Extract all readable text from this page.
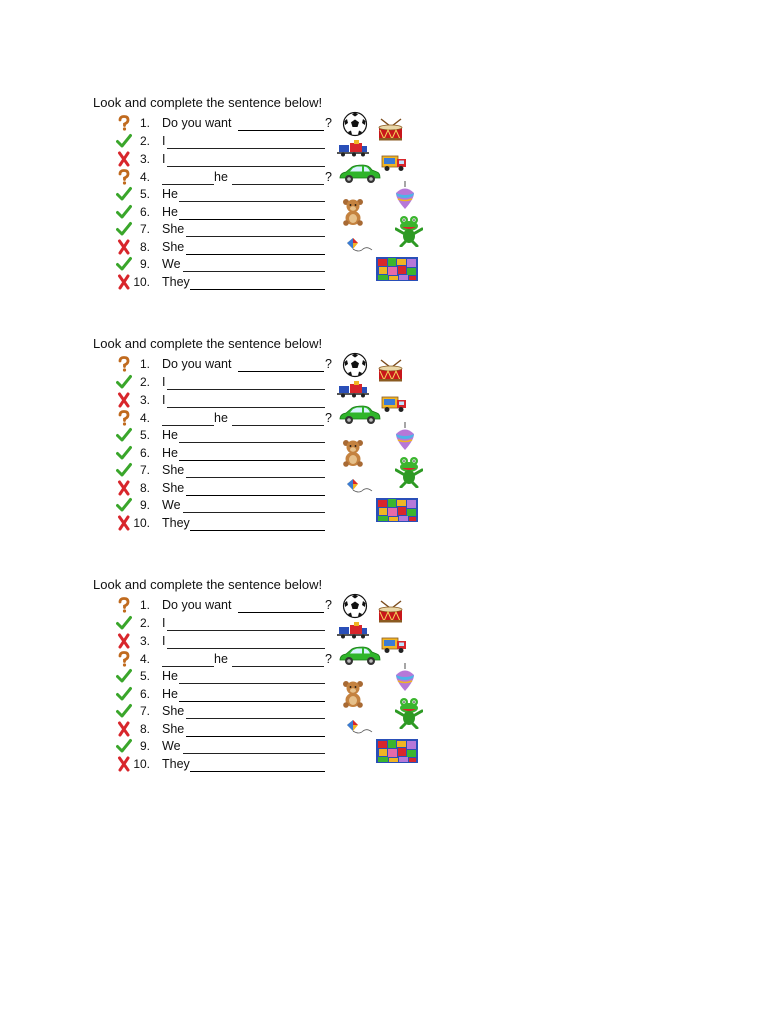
Look and complete the sentence below!
1. Do you want	?
2. I
3. I
4.	he	?
5. He
6. He
7. She
8. She
9. We
10. They
Look and complete the sentence below!
1. Do you want	?
2. I
3. I
4.	he	?
5. He
6. He
7. She
8. She
9. We
10. They
Look and complete the sentence below!
1. Do you want	?
2. I
3. I
4.	he	?
5. He
6. He
7. She
8. She
9. We
10. They
